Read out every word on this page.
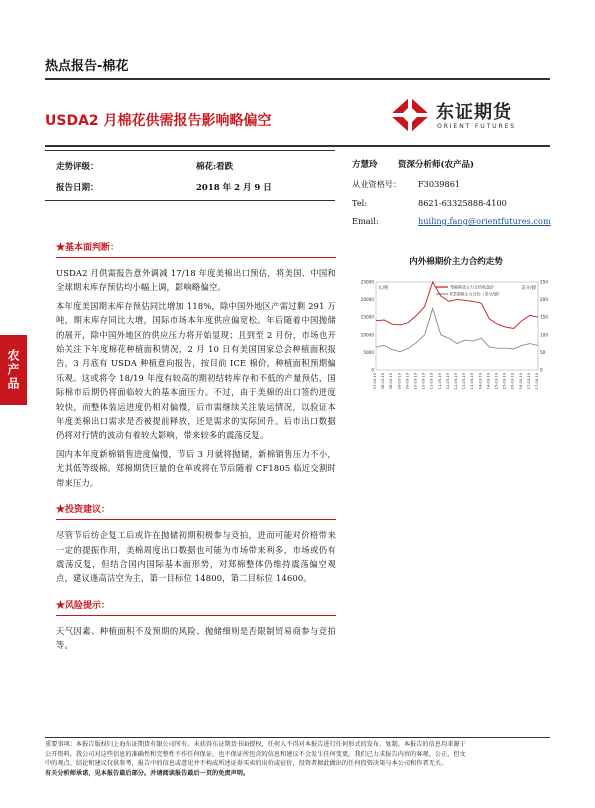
热点报告-棉花
USDA2 月棉花供需报告影响略偏空	东证期货
ORIENT FUTURES
走势评级：	棉花:看跌
报告日期：	2018 年 2 月 9 日
方慧玲 资深分析师(农产品)
从业资格号： F3039861
Tel:	8621-63325888-4100
Email:	huiling.fang@orientfutures.com
农产品
★基本面判断：
USDA2 月供需报告意外调减 17/18 年度美棉出口预估，将美国、中国和全球期末库存预估均小幅上调，影响略偏空。
本年度美国期末库存预估同比增加 118%，除中国外地区产需过剩 291 万吨，期末库存同比大增，国际市场本年度供应偏宽松。年后随着中国抛储的展开，除中国外地区的供应压力将开始显现；且到至 2 月份，市场也开始关注下年度棉花种植面积情况，2 月 10 日有美国国家总会种植面积报告，3 月底有 USDA 种植意向报告，按目前 ICE 棉价，种植面积预期偏乐观。这或将令 18/19 年度有较高的期初结转库存和不低的产量预估，国际棉市后期仍将面临较大的基本面压力。不过，由于美棉的出口签约进度较快，而整体装运进度仍相对偏慢，后市需继续关注装运情况，以验证本年度美棉出口需求是否被提前释放，还是需求的实际回升。后市出口数据仍将对行情的波动有着较大影响，带来较多的震荡反复。
国内本年度新棉销售进度偏慢，节后 3 月就将抛储，新棉销售压力不小，尤其低等级棉。郑棉期货巨量的仓单或将在节后随着 CF1805 临近交割时带来压力。
★投资建议：
尽管节后纺企复工后或许在抛储初期积极参与竞拍，进而可能对价格带来一定的提振作用，美棉周度出口数据也可能为市场带来利多，市场或仍有震荡反复，但结合国内国际基本面形势，对郑棉整体仍维持震荡偏空观点，建议逢高沽空为主，第一目标位 14800，第二目标位 14600。
★风险提示：
天气因素、种植面积不及预期的风险、抛储细则是否限制贸易商参与竞拍等。
内外棉期价主力合约走势
元/吨	美分/磅
25000
20000
15000
10000
5000
0
250
200
150
100
50
0
07-09-19 08-03-19 08-09-19 09-03-19 09-09-19 10-03-19 10-09-19 11-03-19 11-09-19 12-03-19 12-09-19 13-03-19 13-09-19 14-03-19 14-09-19 15-03-19 15-09-19 16-03-19 16-09-19 17-03-19 17-09-19
郑棉期货主力合约收盘价
ICE期棉主力合约（美分/磅）
重要事项：本报告版权归上海东证期货有限公司所有。未获得东证期货书面授权，任何人不得对本报告进行任何形式的发布、复制。本报告的信息均来源于
公开资料，我公司对这些信息的准确性和完整性不作任何保证，也不保证所包含的信息和建议不会发生任何变更。我们已力求报告内容的客观、公正，但文
中的观点、结论和建议仅供参考，报告中的信息或意见并不构成所述证券买卖的出价或征价，投资者据此做出的任何投资决策与本公司和作者无关。
有关分析师承诺，见本报告最后部分。并请阅读报告最后一页的免责声明。
